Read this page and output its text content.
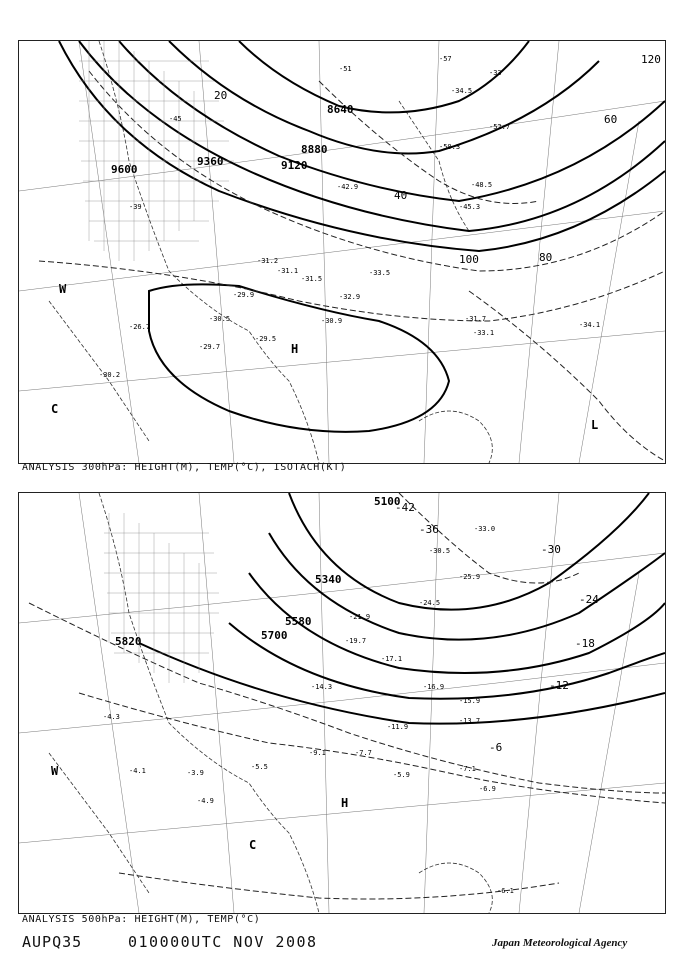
9600
9360	9120
8880
8640
20
40
60
80
100
120
H
L
C
W
-33
-39
-45
-51
-57
-42.9
-45.3
-48.5
-50.3
-52.7
-34.5
-31.2
-32.9
-33.5
-30.5
-29.5
-29.7
-26.7
-30.2
-34.1
-33.1
-31.7
-31.1
-29.9
-30.9
-31.5
ANALYSIS 300hPa: HEIGHT(M), TEMP(°C), ISOTACH(KT)
5100
5340
5580
5700
5820
-6
-12
-18
-24
-30
-36
-42
H
C
W
-33.0
-30.5
-25.9
-24.5
-21.9
-19.7
-17.1
-16.9
-15.9
-14.3
-13.7
-11.9
-9.1	-7.7
-7.1
-6.9
-6.1
-5.9
-5.5
-4.9
-4.3
-4.1	-3.9
ANALYSIS 500hPa: HEIGHT(M), TEMP(°C)
AUPQ35	010000UTC NOV 2008	Japan Meteorological Agency
